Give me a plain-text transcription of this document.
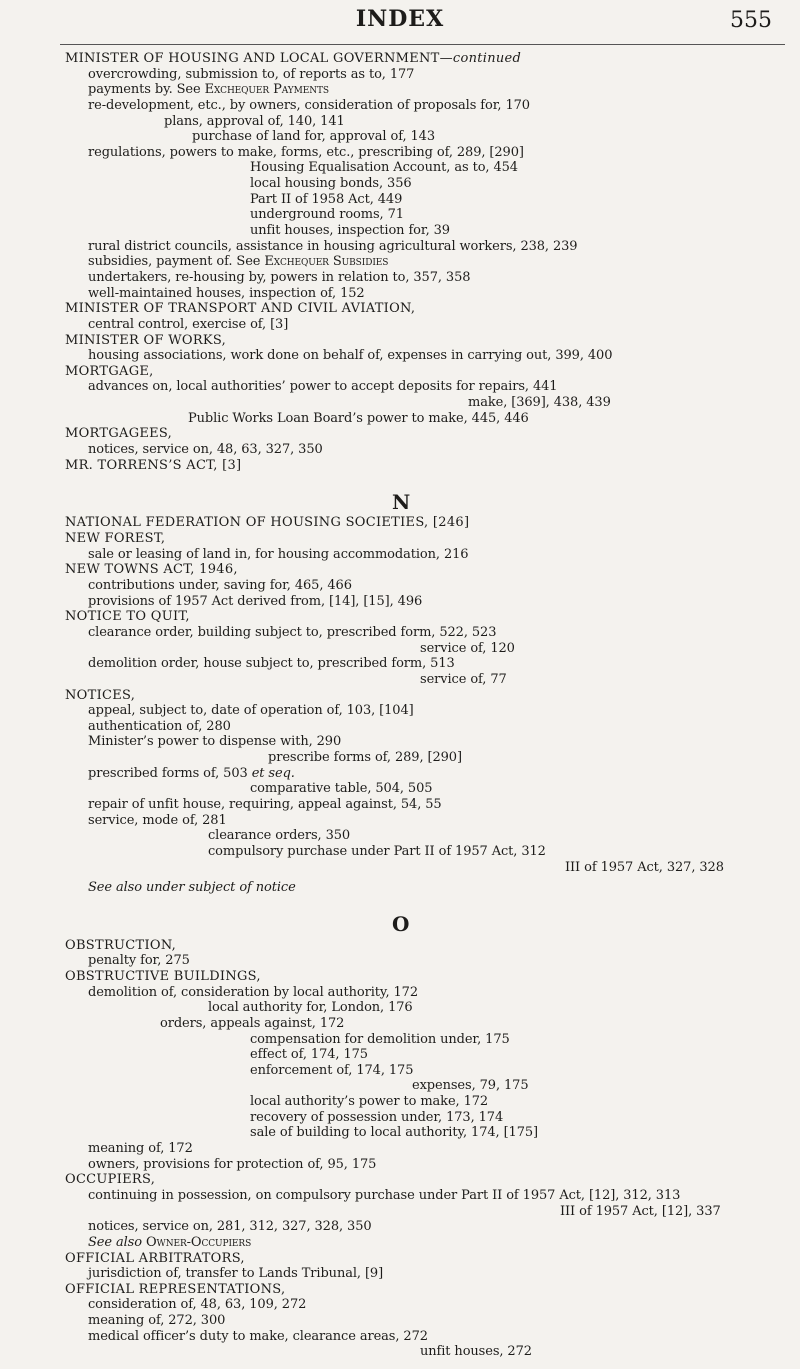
INDEX	555
MINISTER OF HOUSING AND LOCAL GOVERNMENT—continued
overcrowding, submission to, of reports as to, 177
payments by. See Exchequer Payments
re-development, etc., by owners, consideration of proposals for, 170
plans, approval of, 140, 141
purchase of land for, approval of, 143
regulations, powers to make, forms, etc., prescribing of, 289, [290]
Housing Equalisation Account, as to, 454
local housing bonds, 356
Part II of 1958 Act, 449
underground rooms, 71
unfit houses, inspection for, 39
rural district councils, assistance in housing agricultural workers, 238, 239
subsidies, payment of. See Exchequer Subsidies
undertakers, re-housing by, powers in relation to, 357, 358
well-maintained houses, inspection of, 152
MINISTER OF TRANSPORT AND CIVIL AVIATION,
central control, exercise of, [3]
MINISTER OF WORKS,
housing associations, work done on behalf of, expenses in carrying out, 399, 400
MORTGAGE,
advances on, local authorities’ power to accept deposits for repairs, 441
make, [369], 438, 439
Public Works Loan Board’s power to make, 445, 446
MORTGAGEES,
notices, service on, 48, 63, 327, 350
MR. TORRENS’S ACT, [3]
NATIONAL FEDERATION OF HOUSING SOCIETIES, [246]
NEW FOREST,
sale or leasing of land in, for housing accommodation, 216
NEW TOWNS ACT, 1946,
contributions under, saving for, 465, 466
provisions of 1957 Act derived from, [14], [15], 496
NOTICE TO QUIT,
clearance order, building subject to, prescribed form, 522, 523
service of, 120
demolition order, house subject to, prescribed form, 513
service of, 77
NOTICES,
appeal, subject to, date of operation of, 103, [104]
authentication of, 280
Minister’s power to dispense with, 290
prescribe forms of, 289, [290]
prescribed forms of, 503 et seq.
comparative table, 504, 505
repair of unfit house, requiring, appeal against, 54, 55
service, mode of, 281
clearance orders, 350
compulsory purchase under Part II of 1957 Act, 312
III of 1957 Act, 327, 328
See also under subject of notice
OBSTRUCTION,
penalty for, 275
OBSTRUCTIVE BUILDINGS,
demolition of, consideration by local authority, 172
local authority for, London, 176
orders, appeals against, 172
compensation for demolition under, 175
effect of, 174, 175
enforcement of, 174, 175
expenses, 79, 175
local authority’s power to make, 172
recovery of possession under, 173, 174
sale of building to local authority, 174, [175]
meaning of, 172
owners, provisions for protection of, 95, 175
OCCUPIERS,
continuing in possession, on compulsory purchase under Part II of 1957 Act, [12], 312, 313
III of 1957 Act, [12], 337
notices, service on, 281, 312, 327, 328, 350
See also Owner-Occupiers
OFFICIAL ARBITRATORS,
jurisdiction of, transfer to Lands Tribunal, [9]
OFFICIAL REPRESENTATIONS,
consideration of, 48, 63, 109, 272
meaning of, 272, 300
medical officer’s duty to make, clearance areas, 272
unfit houses, 272
N
O
